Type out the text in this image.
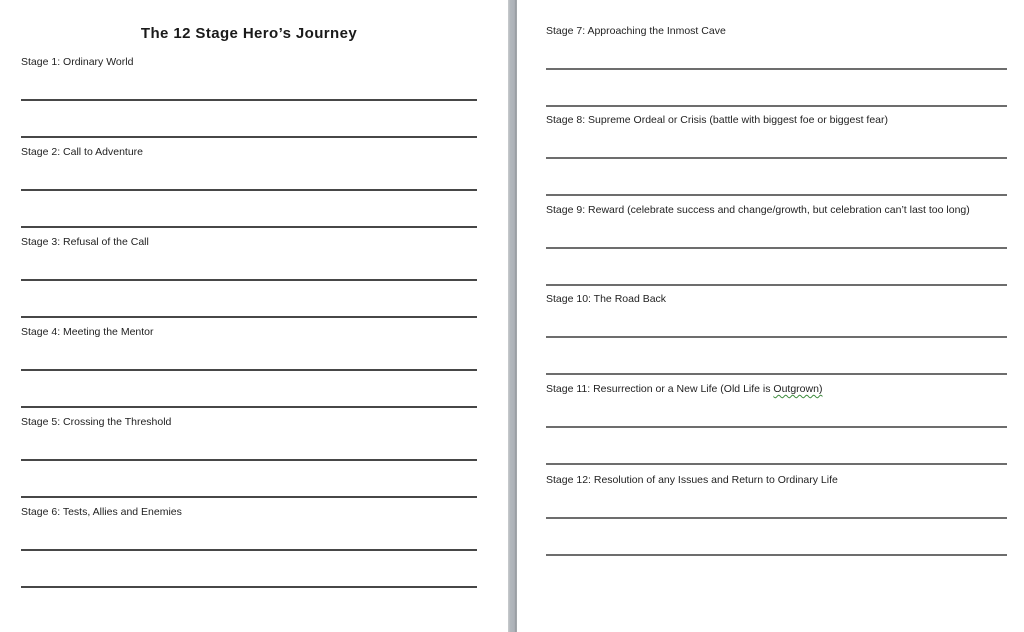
The 12 Stage Hero’s Journey
Stage 1: Ordinary World
Stage 2: Call to Adventure
Stage 3: Refusal of the Call
Stage 4: Meeting the Mentor
Stage 5: Crossing the Threshold
Stage 6: Tests, Allies and Enemies
Stage 7: Approaching the Inmost Cave
Stage 8: Supreme Ordeal or Crisis (battle with biggest foe or biggest fear)
Stage 9: Reward (celebrate success and change/growth, but celebration can’t last too long)
Stage 10: The Road Back
Stage 11: Resurrection or a New Life (Old Life is Outgrown)
Stage 12: Resolution of any Issues and Return to Ordinary Life
